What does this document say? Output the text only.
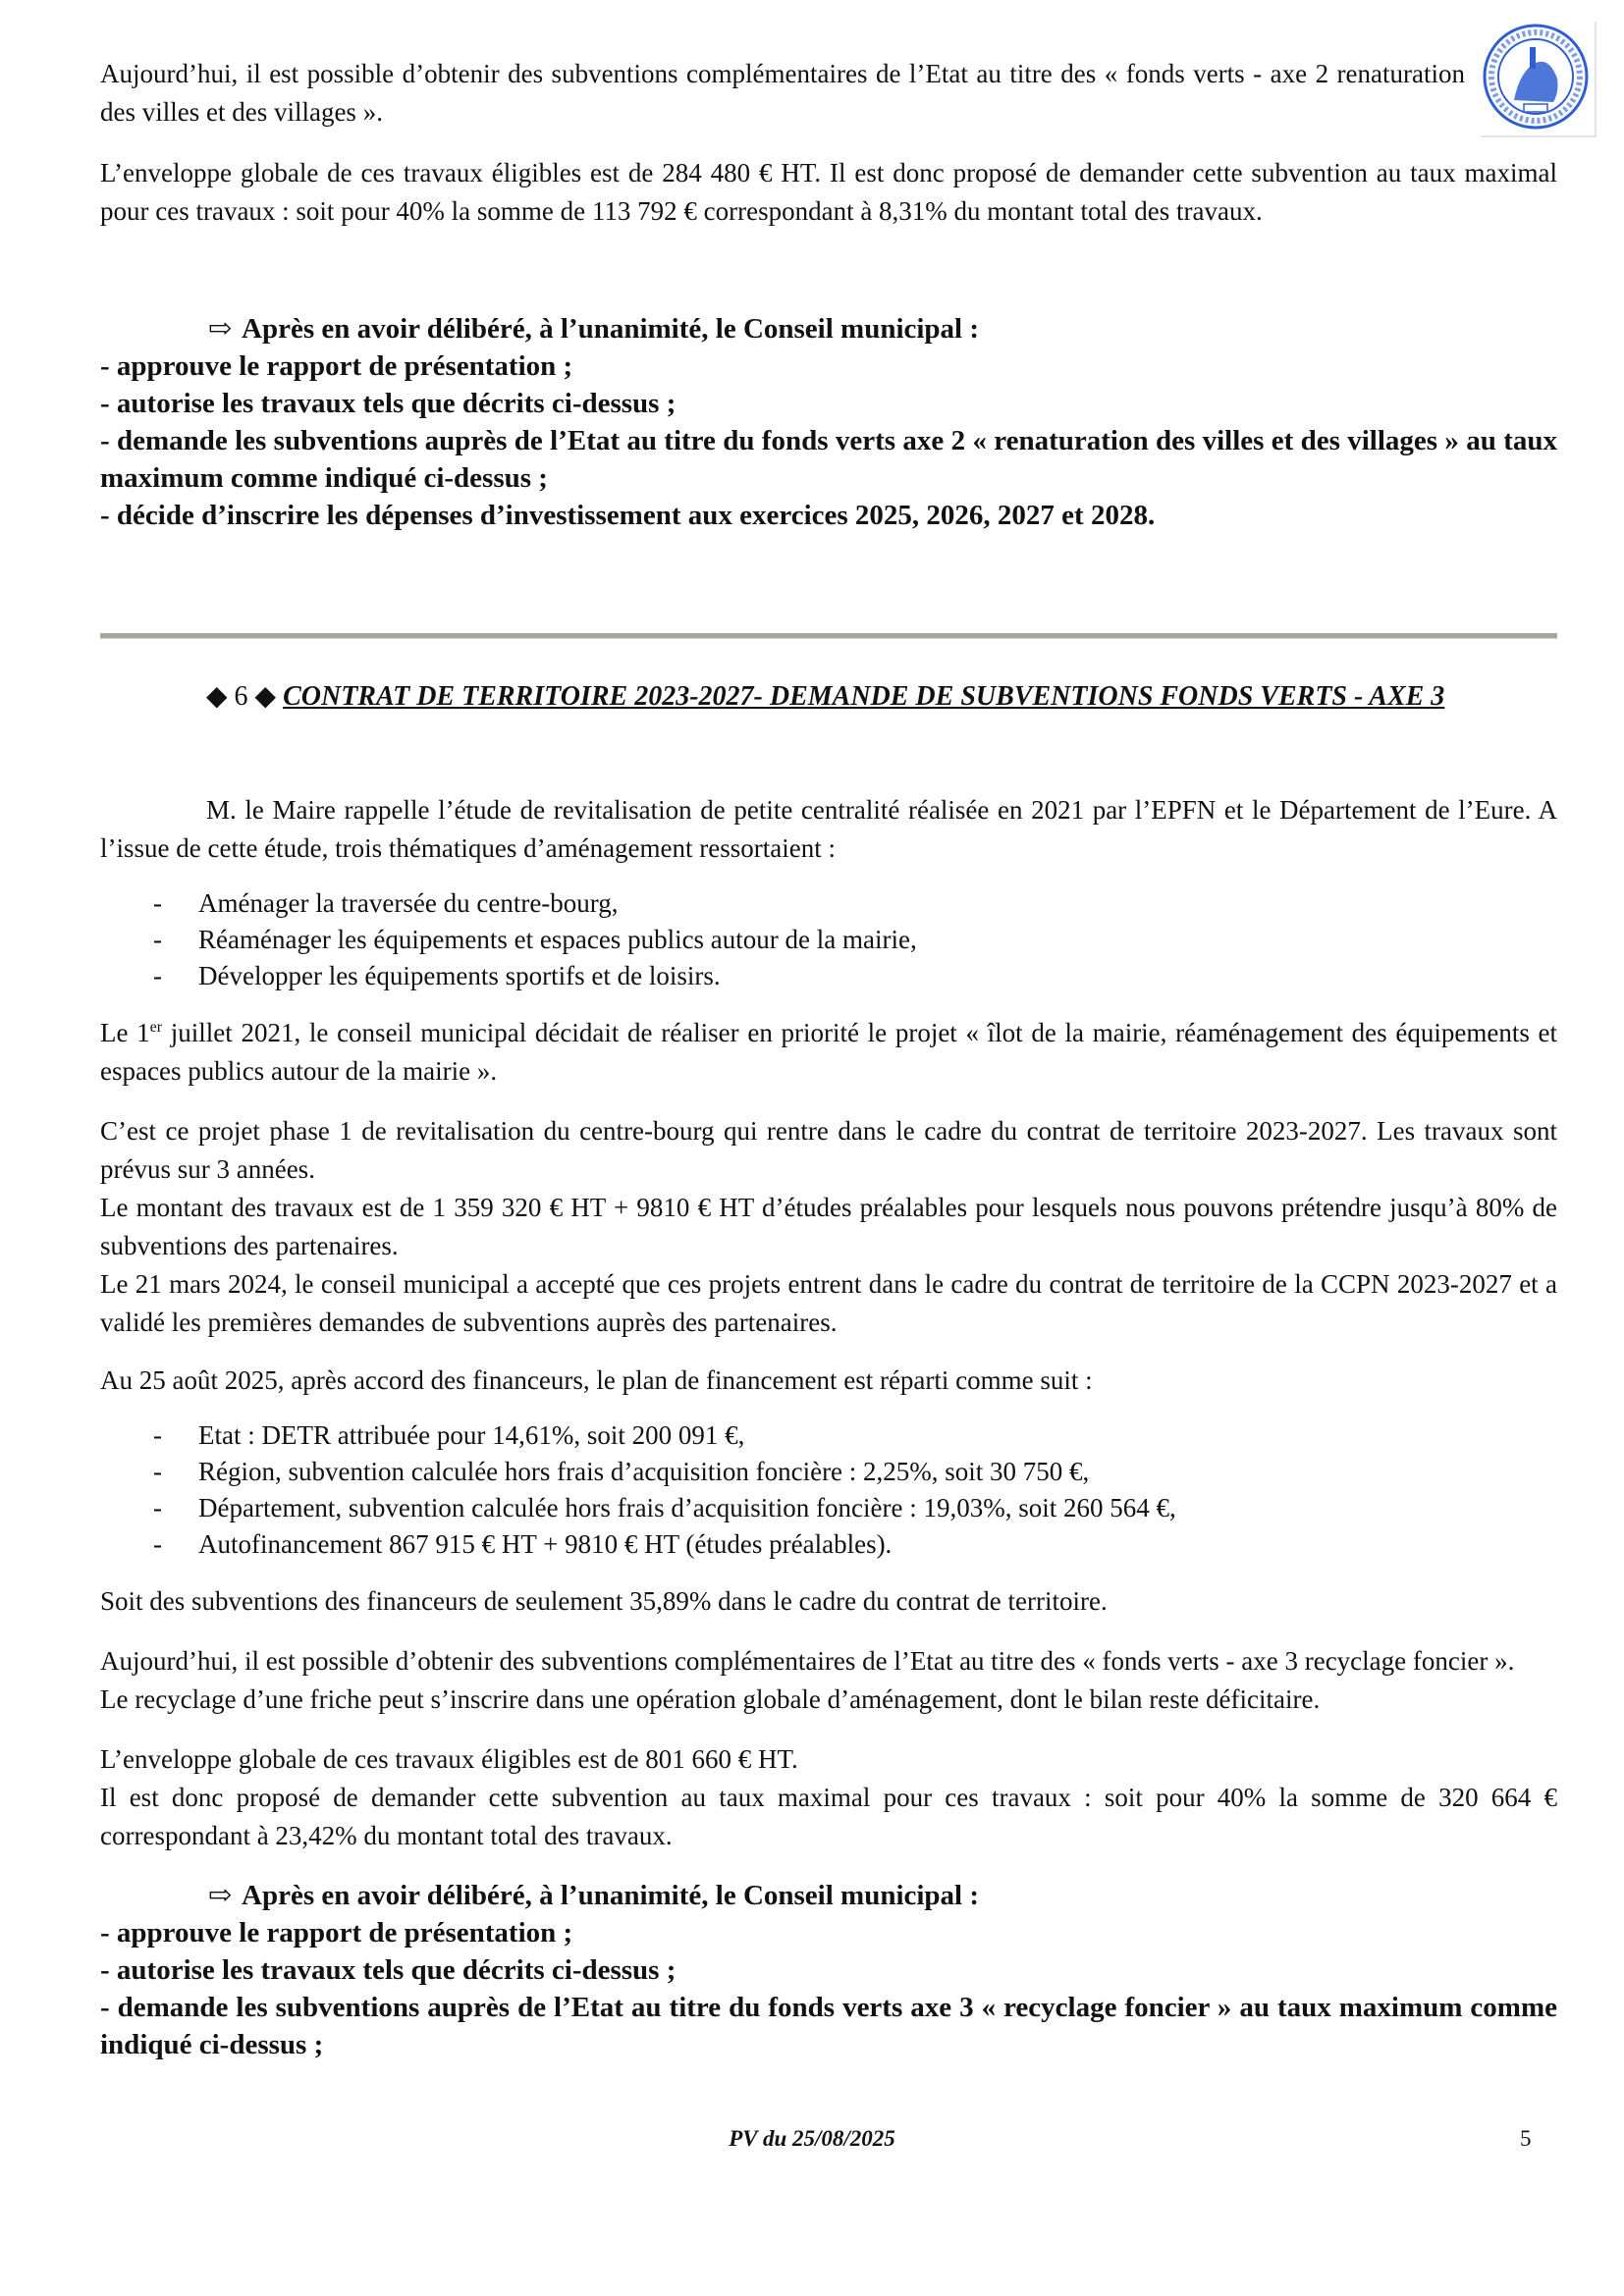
Aujourd’hui, il est possible d’obtenir des subventions complémentaires de l’Etat au titre des « fonds verts - axe 2 renaturation des villes et des villages ».

L’enveloppe globale de ces travaux éligibles est de 284 480 € HT. Il est donc proposé de demander cette subvention au taux maximal pour ces travaux : soit pour 40% la somme de 113 792 € correspondant à 8,31% du montant total des travaux.

⇨ Après en avoir délibéré, à l’unanimité, le Conseil municipal :
- approuve le rapport de présentation ;
- autorise les travaux tels que décrits ci-dessus ;
- demande les subventions auprès de l’Etat au titre du fonds verts axe 2 « renaturation des villes et des villages » au taux maximum comme indiqué ci-dessus ;
- décide d’inscrire les dépenses d’investissement aux exercices 2025, 2026, 2027 et 2028.
◆ 6 ◆ CONTRAT DE TERRITOIRE 2023-2027- DEMANDE DE SUBVENTIONS FONDS VERTS - AXE 3

M. le Maire rappelle l’étude de revitalisation de petite centralité réalisée en 2021 par l’EPFN et le Département de l’Eure. A l’issue de cette étude, trois thématiques d’aménagement ressortaient :

- Aménager la traversée du centre-bourg,
- Réaménager les équipements et espaces publics autour de la mairie,
- Développer les équipements sportifs et de loisirs.

Le 1er juillet 2021, le conseil municipal décidait de réaliser en priorité le projet « îlot de la mairie, réaménagement des équipements et espaces publics autour de la mairie ».

C’est ce projet phase 1 de revitalisation du centre-bourg qui rentre dans le cadre du contrat de territoire 2023-2027. Les travaux sont prévus sur 3 années.

Le montant des travaux est de 1 359 320 € HT + 9810 € HT d’études préalables pour lesquels nous pouvons prétendre jusqu’à 80% de subventions des partenaires.

Le 21 mars 2024, le conseil municipal a accepté que ces projets entrent dans le cadre du contrat de territoire de la CCPN 2023-2027 et a validé les premières demandes de subventions auprès des partenaires.

Au 25 août 2025, après accord des financeurs, le plan de financement est réparti comme suit :

- Etat : DETR attribuée pour 14,61%, soit 200 091 €,
- Région, subvention calculée hors frais d’acquisition foncière : 2,25%, soit 30 750 €,
- Département, subvention calculée hors frais d’acquisition foncière : 19,03%, soit 260 564 €,
- Autofinancement 867 915 € HT + 9810 € HT (études préalables).

Soit des subventions des financeurs de seulement 35,89% dans le cadre du contrat de territoire.

Aujourd’hui, il est possible d’obtenir des subventions complémentaires de l’Etat au titre des « fonds verts - axe 3 recyclage foncier ».

Le recyclage d’une friche peut s’inscrire dans une opération globale d’aménagement, dont le bilan reste déficitaire.

L’enveloppe globale de ces travaux éligibles est de 801 660 € HT.

Il est donc proposé de demander cette subvention au taux maximal pour ces travaux : soit pour 40% la somme de 320 664 € correspondant à 23,42% du montant total des travaux.

⇨ Après en avoir délibéré, à l’unanimité, le Conseil municipal :
- approuve le rapport de présentation ;
- autorise les travaux tels que décrits ci-dessus ;
- demande les subventions auprès de l’Etat au titre du fonds verts axe 3 « recyclage foncier » au taux maximum comme indiqué ci-dessus ;
PV du 25/08/2025	5
